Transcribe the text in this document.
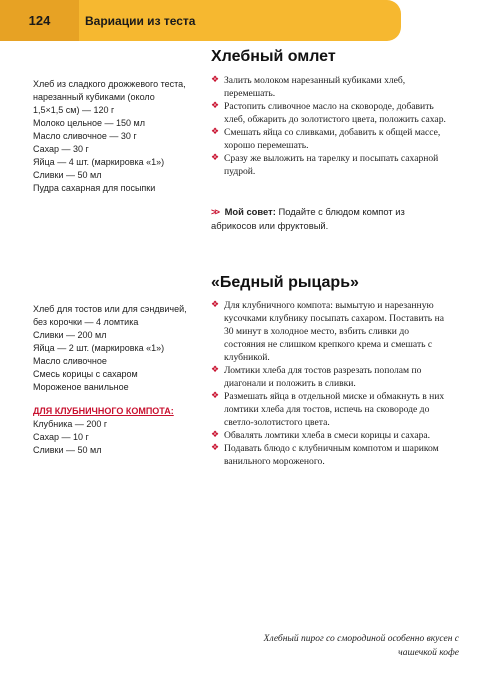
124	Вариации из теста
Хлебный омлет
Хлеб из сладкого дрожжевого теста,
нарезанный кубиками (около
1,5×1,5 см) — 120 г
Молоко цельное — 150 мл
Масло сливочное — 30 г
Сахар — 30 г
Яйца — 4 шт. (маркировка «1»)
Сливки — 50 мл
Пудра сахарная для посыпки
❖ Залить молоком нарезанный кубиками хлеб, перемешать.
❖ Растопить сливочное масло на сковороде, добавить хлеб, обжарить до золотистого цвета, положить сахар.
❖ Смешать яйца со сливками, добавить к общей массе, хорошо перемешать.
❖ Сразу же выложить на тарелку и посыпать сахарной пудрой.
>> Мой совет: Подайте с блюдом компот из абрикосов или фруктовый.
«Бедный рыцарь»
Хлеб для тостов или для сэндвичей,
без корочки — 4 ломтика
Сливки — 200 мл
Яйца — 2 шт. (маркировка «1»)
Масло сливочное
Смесь корицы с сахаром
Мороженое ванильное
ДЛЯ КЛУБНИЧНОГО КОМПОТА:
Клубника — 200 г
Сахар — 10 г
Сливки — 50 мл
❖ Для клубничного компота: вымытую и нарезанную кусочками клубнику посыпать сахаром. Поставить на 30 минут в холодное место, взбить сливки до состояния не слишком крепкого крема и смешать с клубникой.
❖ Ломтики хлеба для тостов разрезать пополам по диагонали и положить в сливки.
❖ Размешать яйца в отдельной миске и обмакнуть в них ломтики хлеба для тостов, испечь на сковороде до светло-золотистого цвета.
❖ Обвалять ломтики хлеба в смеси корицы и сахара.
❖ Подавать блюдо с клубничным компотом и шариком ванильного мороженого.
Хлебный пирог со смородиной особенно вкусен с чашечкой кофе
